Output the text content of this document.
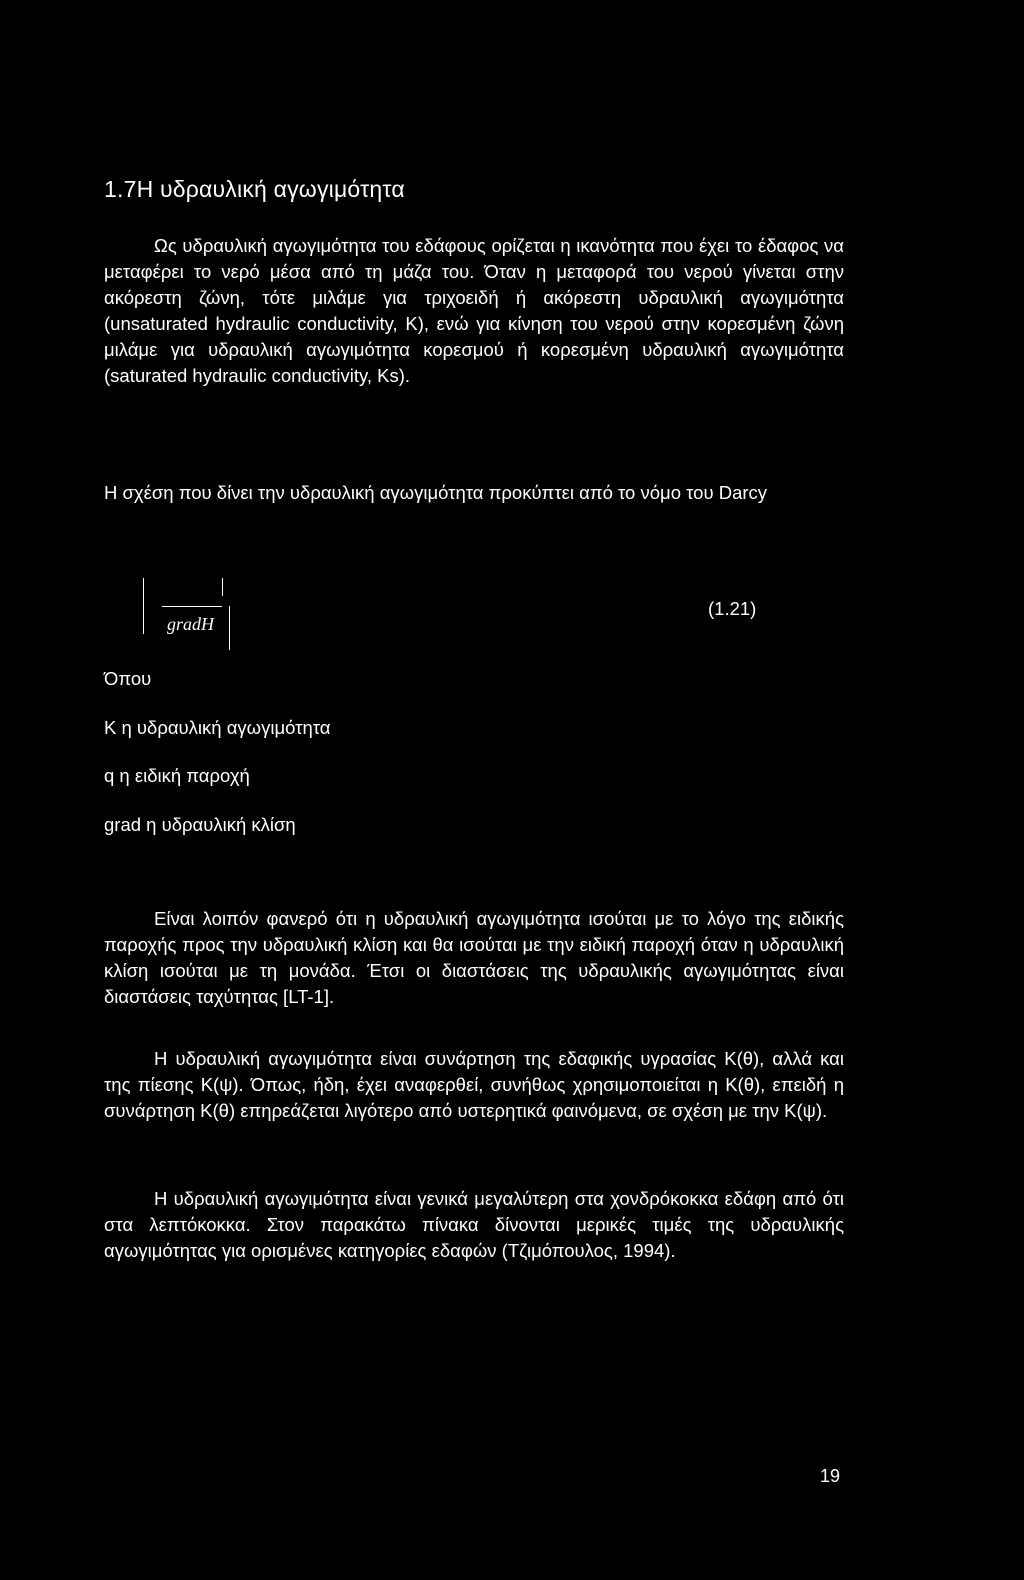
1.7Η υδραυλική αγωγιμότητα
Ως υδραυλική αγωγιμότητα του εδάφους ορίζεται η ικανότητα που έχει το έδαφος να μεταφέρει το νερό μέσα από τη μάζα του. Όταν η μεταφορά του νερού γίνεται στην ακόρεστη ζώνη, τότε μιλάμε για τριχοειδή ή ακόρεστη υδραυλική αγωγιμότητα (unsaturated hydraulic conductivity, K), ενώ για κίνηση του νερού στην κορεσμένη ζώνη μιλάμε για υδραυλική αγωγιμότητα κορεσμού ή κορεσμένη υδραυλική αγωγιμότητα (saturated hydraulic conductivity, Ks).
Η σχέση που δίνει την υδραυλική αγωγιμότητα προκύπτει από το νόμο του Darcy
gradH
(1.21)
Όπου
Κ η υδραυλική αγωγιμότητα
q η ειδική παροχή
grad η υδραυλική κλίση
Είναι λοιπόν φανερό ότι η υδραυλική αγωγιμότητα ισούται με το λόγο της ειδικής παροχής προς την υδραυλική κλίση και θα ισούται με την ειδική παροχή όταν η υδραυλική κλίση ισούται με τη μονάδα. Έτσι οι διαστάσεις της υδραυλικής αγωγιμότητας είναι διαστάσεις ταχύτητας [LT-1].
Η υδραυλική αγωγιμότητα είναι συνάρτηση της εδαφικής υγρασίας Κ(θ), αλλά και της πίεσης Κ(ψ). Όπως, ήδη, έχει αναφερθεί, συνήθως χρησιμοποιείται η Κ(θ), επειδή η συνάρτηση Κ(θ) επηρεάζεται λιγότερο από υστερητικά φαινόμενα, σε σχέση με την Κ(ψ).
Η υδραυλική αγωγιμότητα είναι γενικά μεγαλύτερη στα χονδρόκοκκα εδάφη από ότι στα λεπτόκοκκα. Στον παρακάτω πίνακα δίνονται μερικές τιμές της υδραυλικής αγωγιμότητας για ορισμένες κατηγορίες εδαφών (Τζιμόπουλος, 1994).
19
